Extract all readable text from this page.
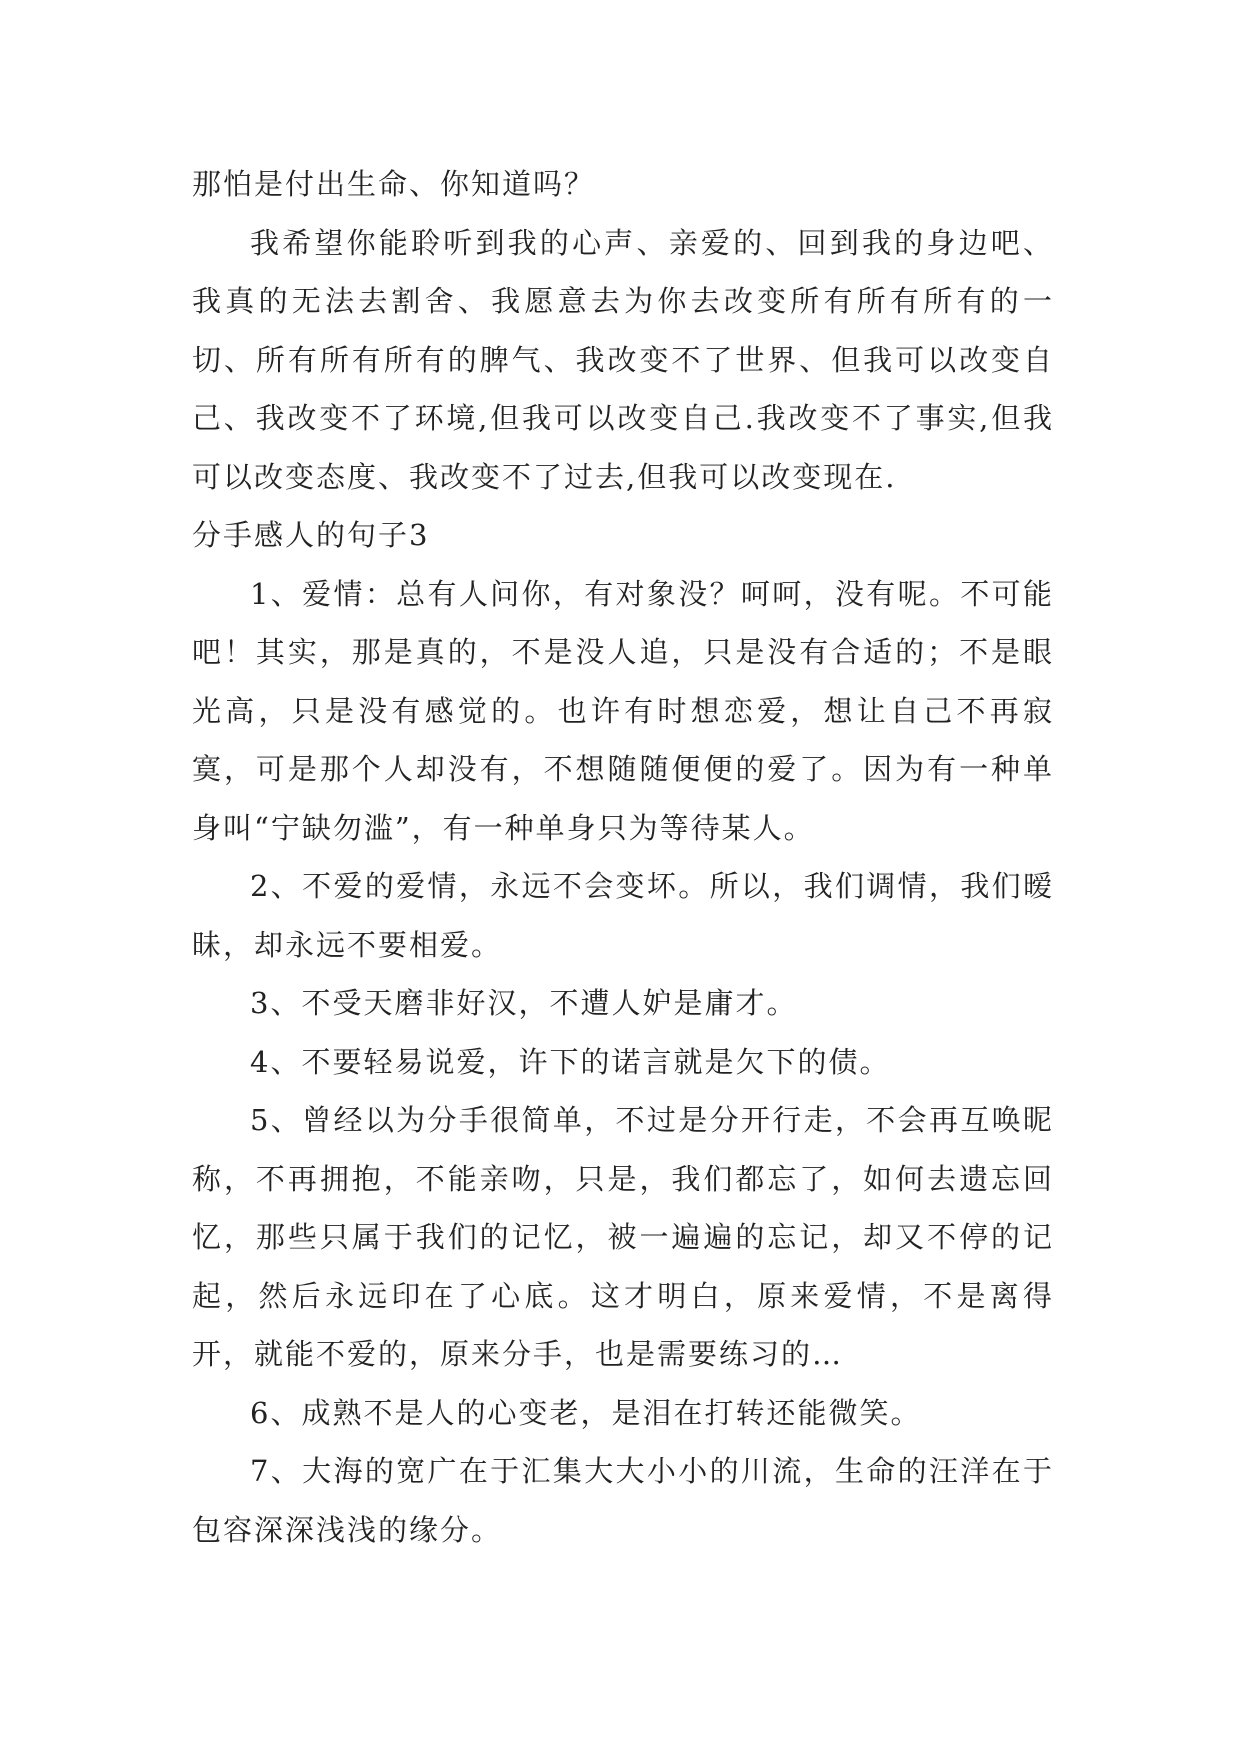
那怕是付出生命、你知道吗？

我希望你能聆听到我的心声、亲爱的、回到我的身边吧、我真的无法去割舍、我愿意去为你去改变所有所有所有的一切、所有所有所有的脾气、我改变不了世界、但我可以改变自己、我改变不了环境,但我可以改变自己.我改变不了事实,但我可以改变态度、我改变不了过去,但我可以改变现在.

分手感人的句子3

1、爱情：总有人问你，有对象没？呵呵，没有呢。不可能吧！其实，那是真的，不是没人追，只是没有合适的；不是眼光高，只是没有感觉的。也许有时想恋爱，想让自己不再寂寞，可是那个人却没有，不想随随便便的爱了。因为有一种单身叫“宁缺勿滥”，有一种单身只为等待某人。

2、不爱的爱情，永远不会变坏。所以，我们调情，我们暧昧，却永远不要相爱。

3、不受天磨非好汉，不遭人妒是庸才。

4、不要轻易说爱，许下的诺言就是欠下的债。

5、曾经以为分手很简单，不过是分开行走，不会再互唤昵称，不再拥抱，不能亲吻，只是，我们都忘了，如何去遗忘回忆，那些只属于我们的记忆，被一遍遍的忘记，却又不停的记起，然后永远印在了心底。这才明白，原来爱情，不是离得开，就能不爱的，原来分手，也是需要练习的…

6、成熟不是人的心变老，是泪在打转还能微笑。

7、大海的宽广在于汇集大大小小的川流，生命的汪洋在于包容深深浅浅的缘分。
